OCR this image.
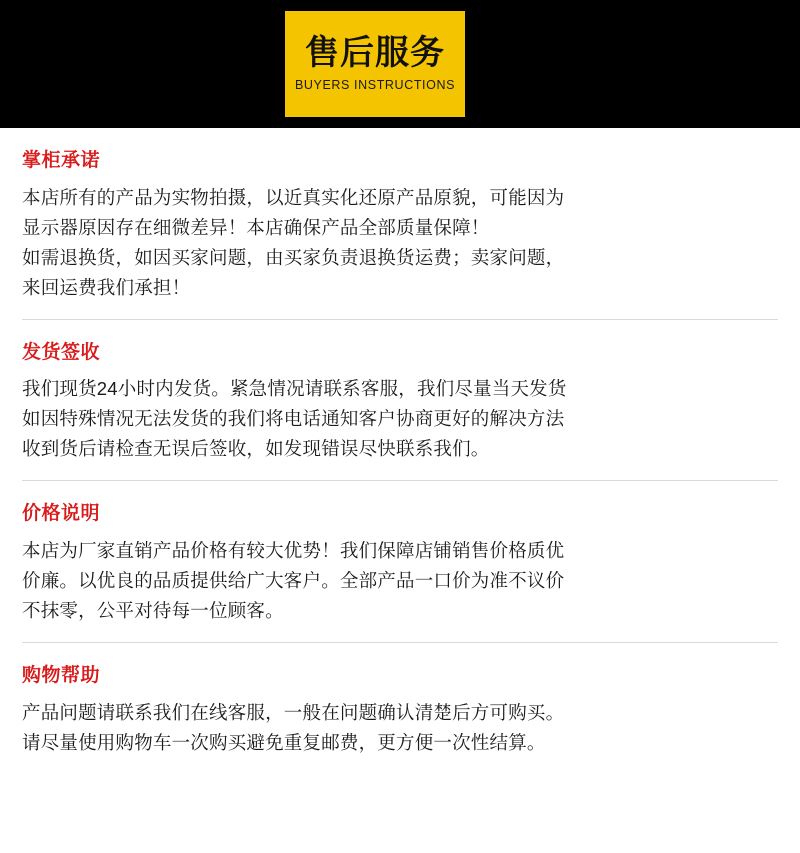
售后服务
BUYERS INSTRUCTIONS
掌柜承诺

本店所有的产品为实物拍摄，以近真实化还原产品原貌，可能因为

显示器原因存在细微差异！本店确保产品全部质量保障！

如需退换货，如因买家问题，由买家负责退换货运费；卖家问题，

来回运费我们承担！

发货签收

我们现货24小时内发货。紧急情况请联系客服，我们尽量当天发货

如因特殊情况无法发货的我们将电话通知客户协商更好的解决方法

收到货后请检查无误后签收，如发现错误尽快联系我们。

价格说明

本店为厂家直销产品价格有较大优势！我们保障店铺销售价格质优

价廉。以优良的品质提供给广大客户。全部产品一口价为准不议价

不抹零，公平对待每一位顾客。

购物帮助

产品问题请联系我们在线客服，一般在问题确认清楚后方可购买。

请尽量使用购物车一次购买避免重复邮费，更方便一次性结算。
